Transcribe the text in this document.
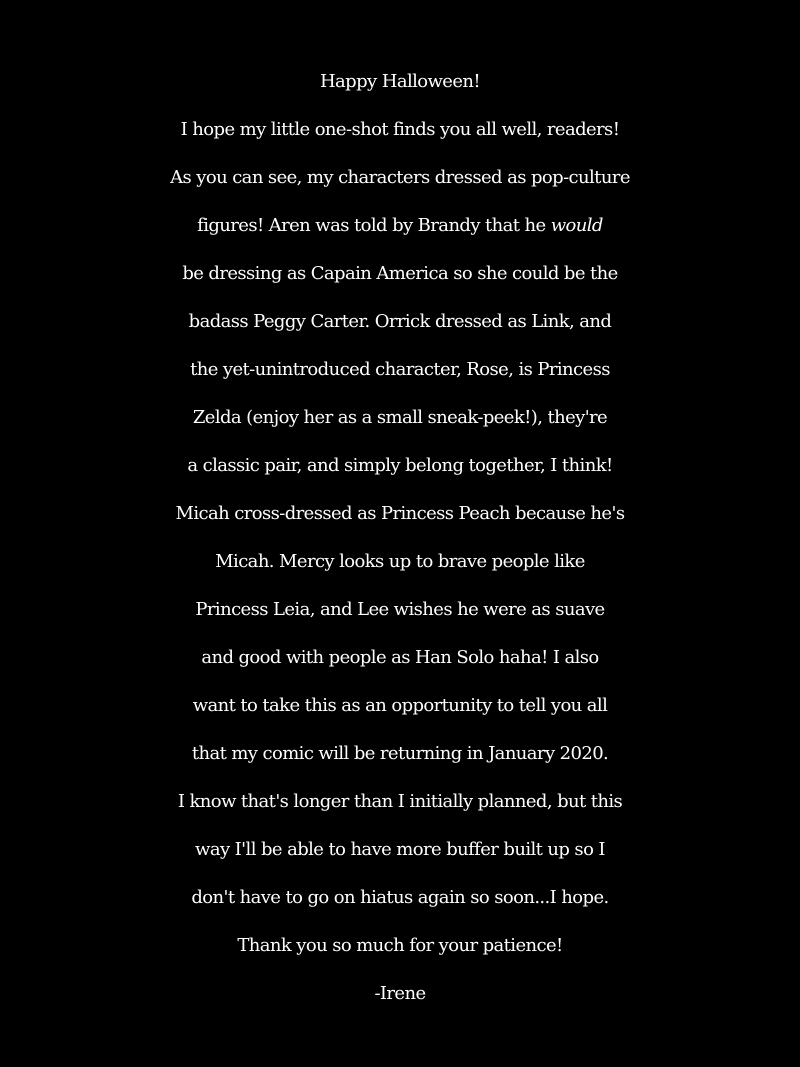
Happy Halloween!
I hope my little one-shot finds you all well, readers!
As you can see, my characters dressed as pop-culture
figures! Aren was told by Brandy that he would
be dressing as Capain America so she could be the
badass Peggy Carter. Orrick dressed as Link, and
the yet-unintroduced character, Rose, is Princess
Zelda (enjoy her as a small sneak-peek!), they're
a classic pair, and simply belong together, I think!
Micah cross-dressed as Princess Peach because he's
Micah. Mercy looks up to brave people like
Princess Leia, and Lee wishes he were as suave
and good with people as Han Solo haha! I also
want to take this as an opportunity to tell you all
that my comic will be returning in January 2020.
I know that's longer than I initially planned, but this
way I'll be able to have more buffer built up so I
don't have to go on hiatus again so soon...I hope.
Thank you so much for your patience!
-Irene
